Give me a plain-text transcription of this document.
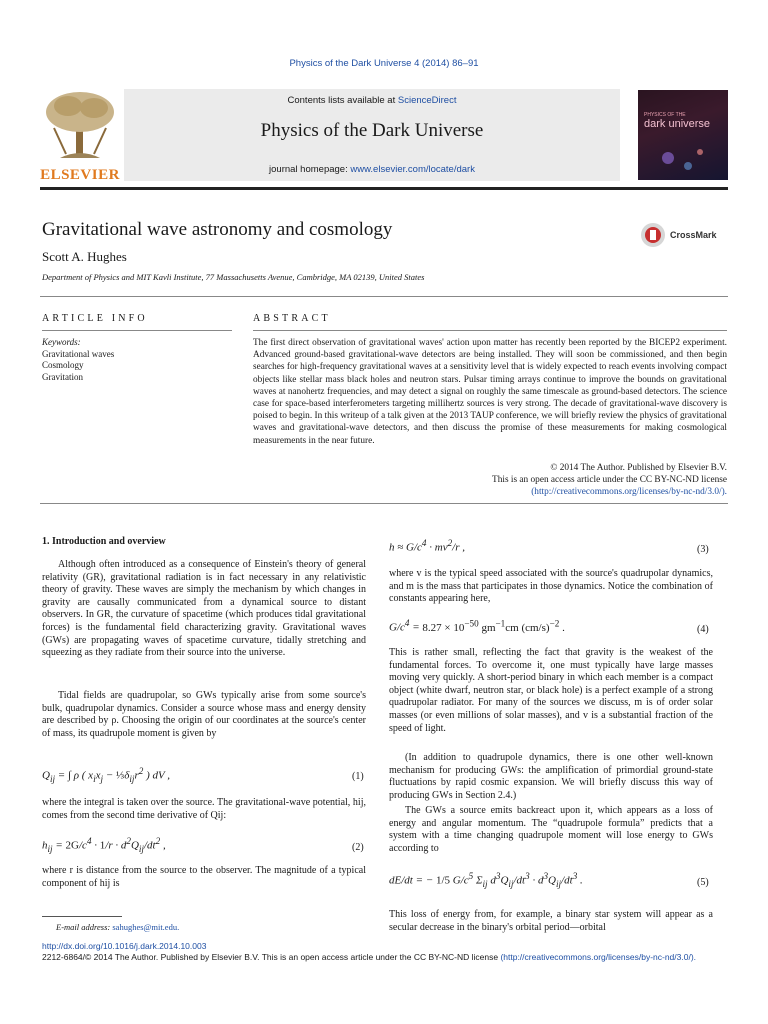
Physics of the Dark Universe 4 (2014) 86–91
ELSEVIER
Contents lists available at ScienceDirect
Physics of the Dark Universe
journal homepage: www.elsevier.com/locate/dark
PHYSICS OF THE
dark universe
Gravitational wave astronomy and cosmology
Scott A. Hughes
Department of Physics and MIT Kavli Institute, 77 Massachusetts Avenue, Cambridge, MA 02139, United States
CrossMark
ARTICLE INFO
Keywords:
Gravitational waves
Cosmology
Gravitation
ABSTRACT
The first direct observation of gravitational waves' action upon matter has recently been reported by the BICEP2 experiment. Advanced ground-based gravitational-wave detectors are being installed. They will soon be commissioned, and then begin searches for high-frequency gravitational waves at a sensitivity level that is widely expected to reach events involving compact objects like stellar mass black holes and neutron stars. Pulsar timing arrays continue to improve the bounds on gravitational waves at nanohertz frequencies, and may detect a signal on roughly the same timescale as ground-based detectors. The science case for space-based interferometers targeting millihertz sources is very strong. The decade of gravitational-wave discovery is poised to begin. In this writeup of a talk given at the 2013 TAUP conference, we will briefly review the physics of gravitational waves and gravitational-wave detectors, and then discuss the promise of these measurements for making cosmological measurements in the near future.
© 2014 The Author. Published by Elsevier B.V.
This is an open access article under the CC BY-NC-ND license
(http://creativecommons.org/licenses/by-nc-nd/3.0/).
1. Introduction and overview
Although often introduced as a consequence of Einstein's theory of general relativity (GR), gravitational radiation is in fact necessary in any relativistic theory of gravity. These waves are simply the mechanism by which changes in gravity are causally communicated from a dynamical source to distant observers. In GR, the curvature of spacetime (which produces tidal gravitational forces) is the fundamental field characterizing gravity. Gravitational waves (GWs) are propagating waves of spacetime curvature, tidally stretching and squeezing as they radiate from their source into the universe.
Tidal fields are quadrupolar, so GWs typically arise from some source's bulk, quadrupolar dynamics. Consider a source whose mass and energy density are described by ρ. Choosing the origin of our coordinates at the source's center of mass, its quadrupole moment is given by
$Q_{ij}$ = ∫ ρ ( $x_ix_j$ − $\frac{1}{3}\delta_{ij}r^2$ ) dV ,	(1)
where the integral is taken over the source. The gravitational-wave potential, hij, comes from the second time derivative of Qij:
$h_{ij} = 2G/c^4 \cdot 1/r \cdot d^2Q_{ij}/dt^2$ ,	(2)
where r is distance from the source to the observer. The magnitude of a typical component of hij is
E-mail address: sahughes@mit.edu.
$h \approx G/c^4 \cdot mv^2/r$ ,	(3)
where v is the typical speed associated with the source's quadrupolar dynamics, and m is the mass that participates in those dynamics. Notice the combination of constants appearing here,
$G/c^4 = 8.27 \times 10^{-50}$ $gm^{-1}cm$ $(cm/s)^{-2}$ .	(4)
This is rather small, reflecting the fact that gravity is the weakest of the fundamental forces. To overcome it, one must typically have large masses moving very quickly. A short-period binary in which each member is a compact object (white dwarf, neutron star, or black hole) is a perfect example of a strong quadrupolar radiator. For many of the sources we discuss, m is of order solar masses (or even millions of solar masses), and v is a substantial fraction of the speed of light.
(In addition to quadrupole dynamics, there is one other well-known mechanism for producing GWs: the amplification of primordial ground-state fluctuations by rapid cosmic expansion. We will briefly discuss this way of producing GWs in Section 2.4.)
The GWs a source emits backreact upon it, which appears as a loss of energy and angular momentum. The “quadrupole formula” predicts that a system with a time changing quadrupole moment will lose energy to GWs according to
dE/dt = − 1/5 $G/c^5$ $\Sigma_{ij}$ $d^3Q_{ij}/dt^3 \cdot d^3Q_{ij}/dt^3$ .	(5)
This loss of energy from, for example, a binary star system will appear as a secular decrease in the binary's orbital period—orbital
http://dx.doi.org/10.1016/j.dark.2014.10.003
2212-6864/© 2014 The Author. Published by Elsevier B.V. This is an open access article under the CC BY-NC-ND license (http://creativecommons.org/licenses/by-nc-nd/3.0/).
